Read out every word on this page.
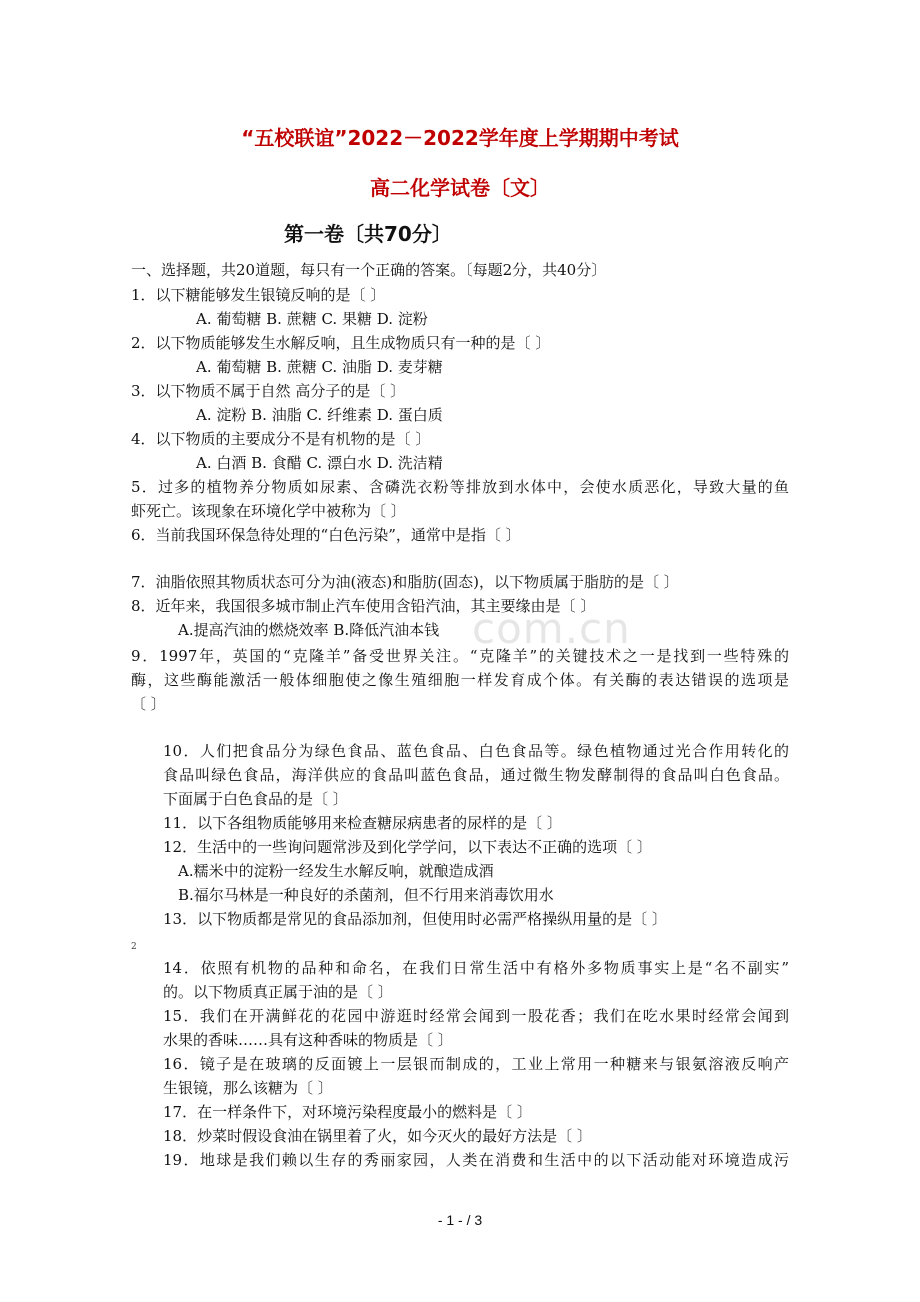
“五校联谊”2022－2022学年度上学期期中考试
高二化学试卷〔文〕
第一卷〔共70分〕
一、选择题，共20道题，每只有一个正确的答案。〔每题2分，共40分〕
1．以下糖能够发生银镜反响的是〔 〕
A. 葡萄糖 B. 蔗糖 C. 果糖 D. 淀粉
2．以下物质能够发生水解反响，且生成物质只有一种的是〔 〕
A. 葡萄糖 B. 蔗糖 C. 油脂 D. 麦芽糖
3．以下物质不属于自然 高分子的是〔 〕
A. 淀粉 B. 油脂 C. 纤维素 D. 蛋白质
4．以下物质的主要成分不是有机物的是〔 〕
A. 白酒 B. 食醋 C. 漂白水 D. 洗洁精
5．过多的植物养分物质如尿素、含磷洗衣粉等排放到水体中，会使水质恶化，导致大量的鱼
虾死亡。该现象在环境化学中被称为〔 〕
6．当前我国环保急待处理的“白色污染”，通常中是指〔 〕
7．油脂依照其物质状态可分为油(液态)和脂肪(固态)，以下物质属于脂肪的是〔 〕
8．近年来，我国很多城市制止汽车使用含铅汽油，其主要缘由是〔 〕
A.提高汽油的燃烧效率 B.降低汽油本钱 com.cn
9．1997年，英国的“克隆羊”备受世界关注。“克隆羊”的关键技术之一是找到一些特殊的
酶，这些酶能激活一般体细胞使之像生殖细胞一样发育成个体。有关酶的表达错误的选项是
〔 〕
10．人们把食品分为绿色食品、蓝色食品、白色食品等。绿色植物通过光合作用转化的
食品叫绿色食品，海洋供应的食品叫蓝色食品，通过微生物发酵制得的食品叫白色食品。
下面属于白色食品的是〔 〕
11．以下各组物质能够用来检查糖尿病患者的尿样的是〔 〕
12．生活中的一些询问题常涉及到化学学问，以下表达不正确的选项〔 〕
A.糯米中的淀粉一经发生水解反响，就酿造成酒
B.福尔马林是一种良好的杀菌剂，但不行用来消毒饮用水
13．以下物质都是常见的食品添加剂，但使用时必需严格操纵用量的是〔 〕
2
14．依照有机物的品种和命名，在我们日常生活中有格外多物质事实上是“名不副实”
的。以下物质真正属于油的是〔 〕
15．我们在开满鲜花的花园中游逛时经常会闻到一股花香；我们在吃水果时经常会闻到
水果的香味……具有这种香味的物质是〔 〕
16．镜子是在玻璃的反面镀上一层银而制成的，工业上常用一种糖来与银氨溶液反响产
生银镜，那么该糖为〔 〕
17．在一样条件下，对环境污染程度最小的燃料是〔 〕
18．炒菜时假设食油在锅里着了火，如今灭火的最好方法是〔 〕
19．地球是我们赖以生存的秀丽家园，人类在消费和生活中的以下活动能对环境造成污
- 1 - / 3
